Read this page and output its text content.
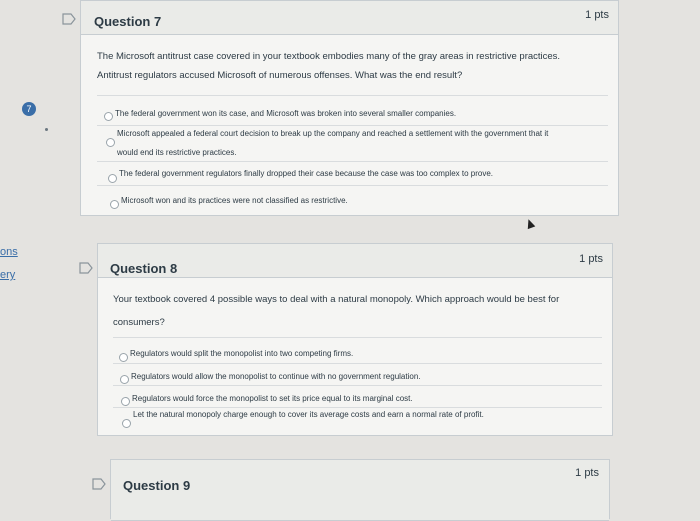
ons
ery
7
Question 7	1 pts
The Microsoft antitrust case covered in your textbook embodies many of the gray areas in restrictive practices.
Antitrust regulators accused Microsoft of numerous offenses. What was the end result?
The federal government won its case, and Microsoft was broken into several smaller companies.
Microsoft appealed a federal court decision to break up the company and reached a settlement with the government that it
would end its restrictive practices.
The federal government regulators finally dropped their case because the case was too complex to prove.
Microsoft won and its practices were not classified as restrictive.
Question 8
1 pts
Your textbook covered 4 possible ways to deal with a natural monopoly. Which approach would be best for
consumers?
Regulators would split the monopolist into two competing firms.
Regulators would allow the monopolist to continue with no government regulation.
Regulators would force the monopolist to set its price equal to its marginal cost.
Let the natural monopoly charge enough to cover its average costs and earn a normal rate of profit.
Question 9
1 pts
